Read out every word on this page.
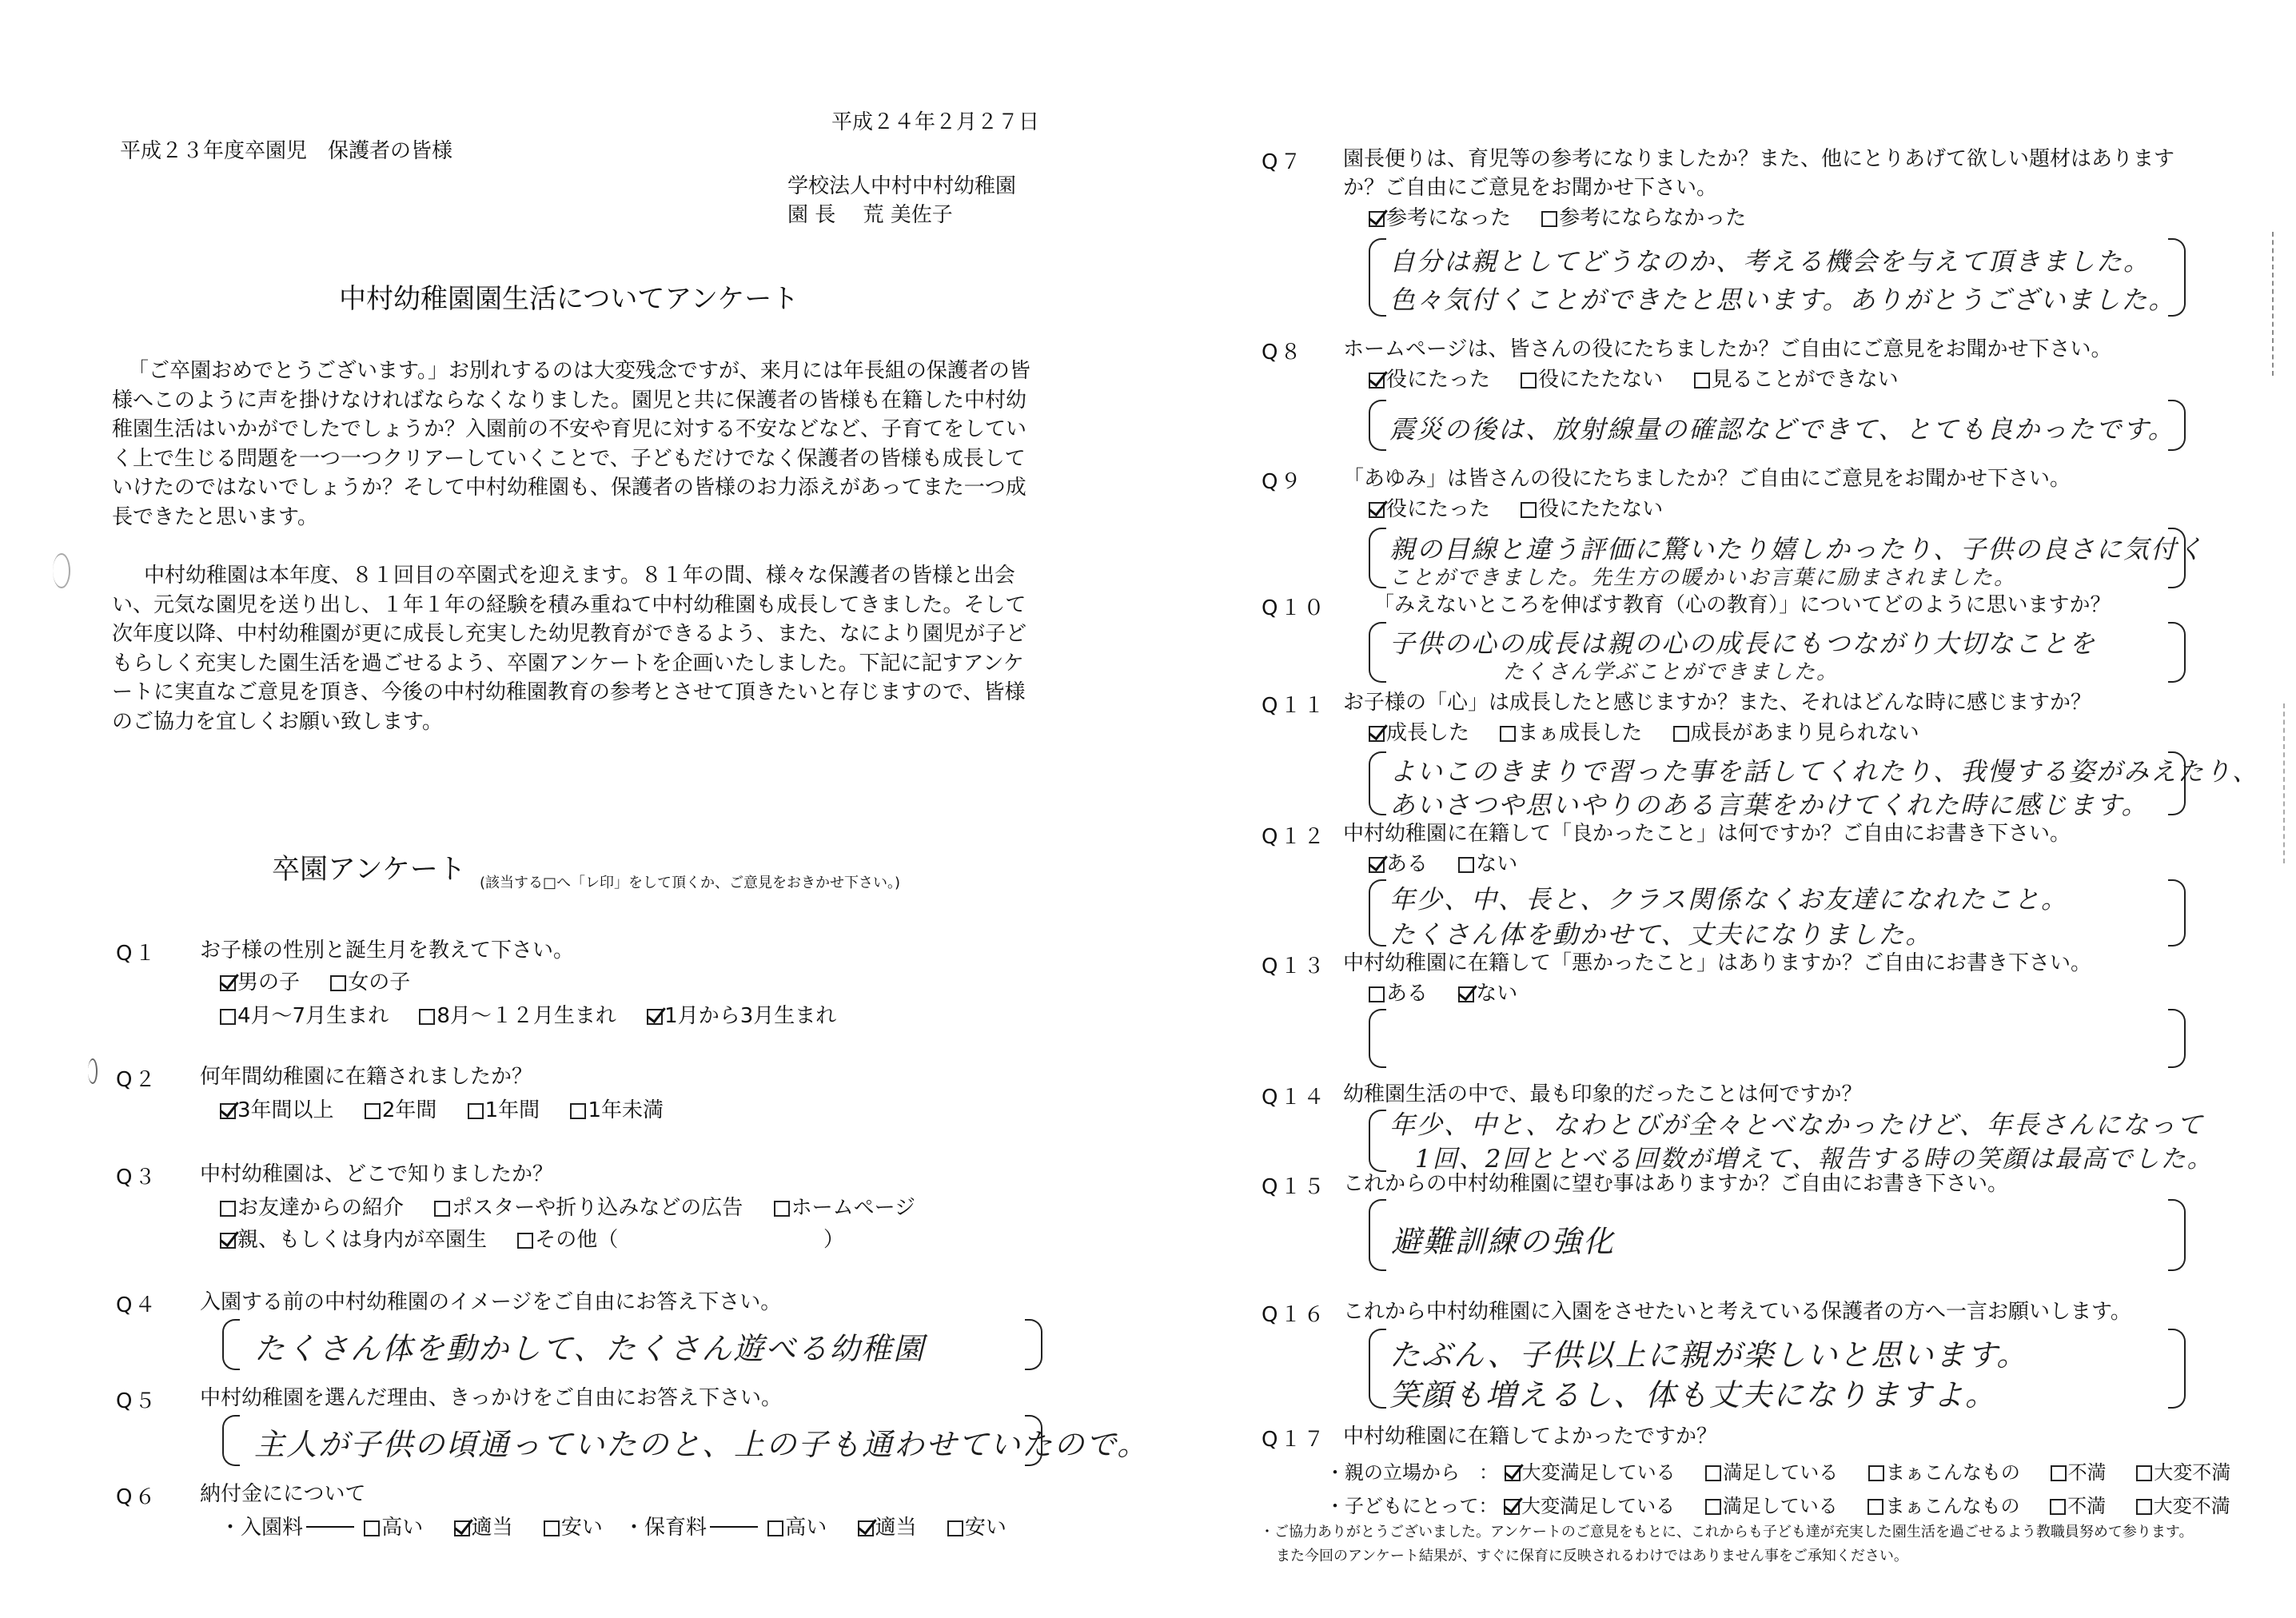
平成２４年２月２７日
平成２３年度卒園児　保護者の皆様
学校法人中村中村幼稚園
園 長　 荒 美佐子
中村幼稚園園生活についてアンケート
「ご卒園おめでとうございます。」お別れするのは大変残念ですが、来月には年長組の保護者の皆様へこのように声を掛けなければならなくなりました。園児と共に保護者の皆様も在籍した中村幼稚園生活はいかがでしたでしょうか？入園前の不安や育児に対する不安などなど、子育てをしていく上で生じる問題を一つ一つクリアーしていくことで、子どもだけでなく保護者の皆様も成長していけたのではないでしょうか？そして中村幼稚園も、保護者の皆様のお力添えがあってまた一つ成長できたと思います。
中村幼稚園は本年度、８１回目の卒園式を迎えます。８１年の間、様々な保護者の皆様と出会い、元気な園児を送り出し、１年１年の経験を積み重ねて中村幼稚園も成長してきました。そして次年度以降、中村幼稚園が更に成長し充実した幼児教育ができるよう、また、なにより園児が子どもらしく充実した園生活を過ごせるよう、卒園アンケートを企画いたしました。下記に記すアンケートに実直なご意見を頂き、今後の中村幼稚園教育の参考とさせて頂きたいと存じますので、皆様のご協力を宜しくお願い致します。
卒園アンケート (該当する□へ「レ印」をして頂くか、ご意見をおきかせ下さい。)
Q１ お子様の性別と誕生月を教えて下さい。
男の子 女の子
4月～7月生まれ 8月～１２月生まれ 1月から3月生まれ
Q２ 何年間幼稚園に在籍されましたか？
3年間以上 2年間 1年間 1年未満
Q３ 中村幼稚園は、どこで知りましたか？
お友達からの紹介 ポスターや折り込みなどの広告 ホームページ
親、もしくは身内が卒園生 その他（	）
Q４ 入園する前の中村幼稚園のイメージをご自由にお答え下さい。
たくさん体を動かして、たくさん遊べる幼稚園
Q５ 中村幼稚園を選んだ理由、きっかけをご自由にお答え下さい。
主人が子供の頃通っていたのと、上の子も通わせていたので。
Q６ 納付金にについて
・入園料	高い 適当 安い ・保育料	高い 適当 安い
Q７ 園長便りは、育児等の参考になりましたか？また、他にとりあげて欲しい題材はあります
か？ご自由にご意見をお聞かせ下さい。
参考になった 参考にならなかった
自分は親としてどうなのか、考える機会を与えて頂きました。
色々気付くことができたと思います。ありがとうございました。
Q８ ホームページは、皆さんの役にたちましたか？ご自由にご意見をお聞かせ下さい。
役にたった 役にたたない 見ることができない
震災の後は、放射線量の確認などできて、とても良かったです。
Q９ 「あゆみ」は皆さんの役にたちましたか？ご自由にご意見をお聞かせ下さい。
役にたった 役にたたない
親の目線と違う評価に驚いたり嬉しかったり、子供の良さに気付く
ことができました。先生方の暖かいお言葉に励まされました。
Q１０ 「みえないところを伸ばす教育（心の教育）」についてどのように思いますか？
子供の心の成長は親の心の成長にもつながり大切なことを
たくさん学ぶことができました。
Q１１ お子様の「心」は成長したと感じますか？また、それはどんな時に感じますか？
成長した まぁ成長した 成長があまり見られない
よいこのきまりで習った事を話してくれたり、我慢する姿がみえたり、
あいさつや思いやりのある言葉をかけてくれた時に感じます。
Q１２ 中村幼稚園に在籍して「良かったこと」は何ですか？ご自由にお書き下さい。
ある ない
年少、中、長と、クラス関係なくお友達になれたこと。
たくさん体を動かせて、丈夫になりました。
Q１３ 中村幼稚園に在籍して「悪かったこと」はありますか？ご自由にお書き下さい。
ある ない
Q１４ 幼稚園生活の中で、最も印象的だったことは何ですか？
年少、中と、なわとびが全々とべなかったけど、年長さんになって
1回、2回ととべる回数が増えて、報告する時の笑顔は最高でした。
Q１５ これからの中村幼稚園に望む事はありますか？ご自由にお書き下さい。
避難訓練の強化
Q１６ これから中村幼稚園に入園をさせたいと考えている保護者の方へ一言お願いします。
たぶん、子供以上に親が楽しいと思います。
笑顔も増えるし、体も丈夫になりますよ。
Q１７ 中村幼稚園に在籍してよかったですか？
・親の立場から　： 大変満足している 満足している まぁこんなもの 不満 大変不満
・子どもにとって： 大変満足している 満足している まぁこんなもの 不満 大変不満
・ご協力ありがとうございました。アンケートのご意見をもとに、これからも子ども達が充実した園生活を過ごせるよう教職員努めて参ります。
また今回のアンケート結果が、すぐに保育に反映されるわけではありません事をご承知ください。
